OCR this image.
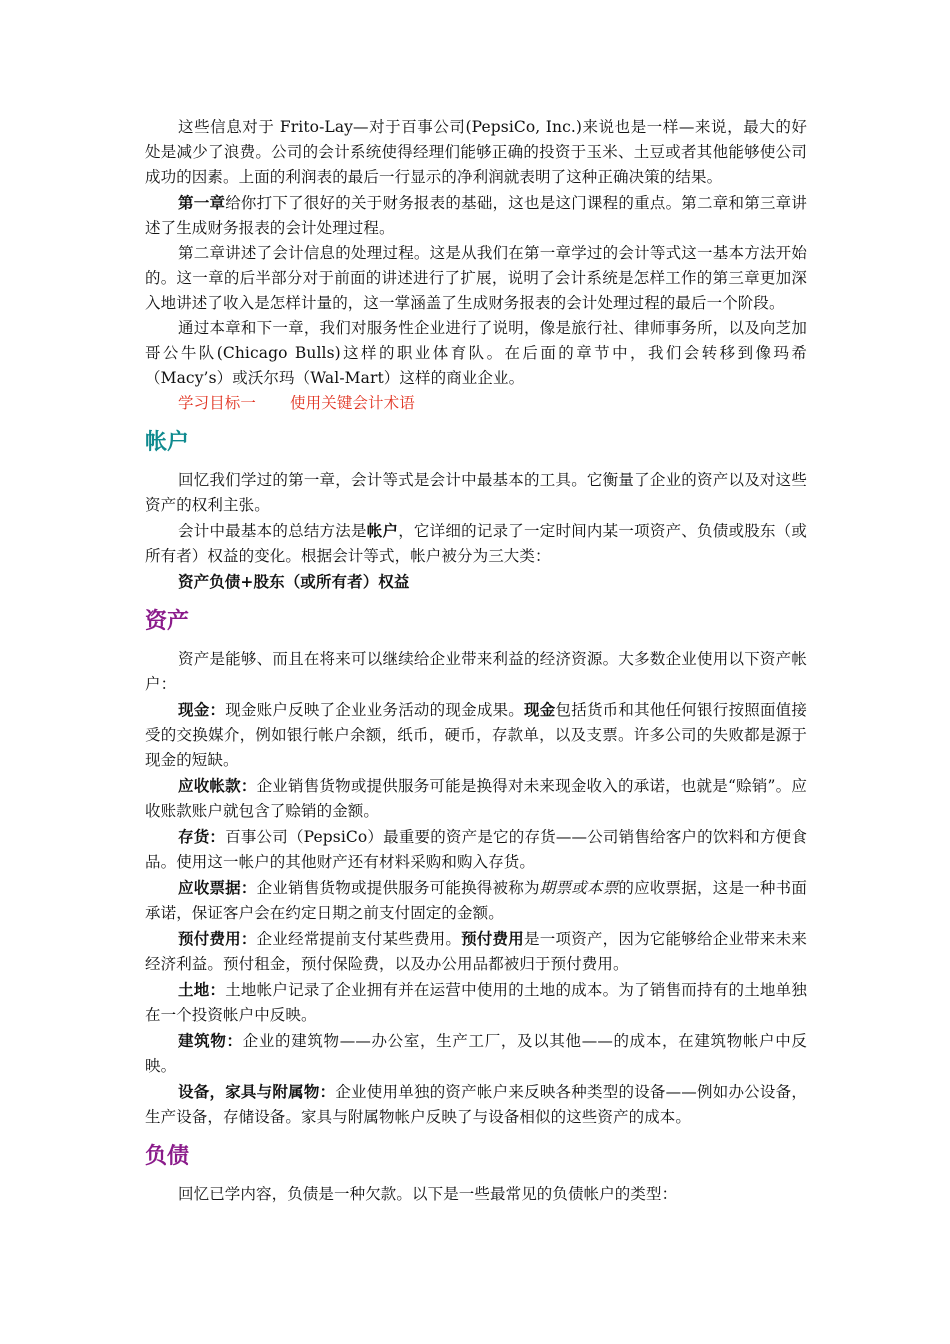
这些信息对于 Frito-Lay—对于百事公司(PepsiCo, Inc.)来说也是一样—来说，最大的好处是减少了浪费。公司的会计系统使得经理们能够正确的投资于玉米、土豆或者其他能够使公司成功的因素。上面的利润表的最后一行显示的净利润就表明了这种正确决策的结果。

第一章给你打下了很好的关于财务报表的基础，这也是这门课程的重点。第二章和第三章讲述了生成财务报表的会计处理过程。

第二章讲述了会计信息的处理过程。这是从我们在第一章学过的会计等式这一基本方法开始的。这一章的后半部分对于前面的讲述进行了扩展，说明了会计系统是怎样工作的第三章更加深入地讲述了收入是怎样计量的，这一掌涵盖了生成财务报表的会计处理过程的最后一个阶段。

通过本章和下一章，我们对服务性企业进行了说明，像是旅行社、律师事务所，以及向芝加哥公牛队(Chicago Bulls)这样的职业体育队。在后面的章节中，我们会转移到像玛希（Macy’s）或沃尔玛（Wal-Mart）这样的商业企业。

学习目标一 使用关键会计术语

帐户

回忆我们学过的第一章，会计等式是会计中最基本的工具。它衡量了企业的资产以及对这些资产的权利主张。

会计中最基本的总结方法是帐户，它详细的记录了一定时间内某一项资产、负债或股东（或所有者）权益的变化。根据会计等式，帐户被分为三大类：

资产负债+股东（或所有者）权益

资产

资产是能够、而且在将来可以继续给企业带来利益的经济资源。大多数企业使用以下资产帐户：

现金：现金账户反映了企业业务活动的现金成果。现金包括货币和其他任何银行按照面值接受的交换媒介，例如银行帐户余额，纸币，硬币，存款单，以及支票。许多公司的失败都是源于现金的短缺。

应收帐款：企业销售货物或提供服务可能是换得对未来现金收入的承诺，也就是“赊销”。应收账款账户就包含了赊销的金额。

存货：百事公司（PepsiCo）最重要的资产是它的存货——公司销售给客户的饮料和方便食品。使用这一帐户的其他财产还有材料采购和购入存货。

应收票据：企业销售货物或提供服务可能换得被称为期票或本票的应收票据，这是一种书面承诺，保证客户会在约定日期之前支付固定的金额。

预付费用：企业经常提前支付某些费用。预付费用是一项资产，因为它能够给企业带来未来经济利益。预付租金，预付保险费，以及办公用品都被归于预付费用。

土地：土地帐户记录了企业拥有并在运营中使用的土地的成本。为了销售而持有的土地单独在一个投资帐户中反映。

建筑物：企业的建筑物——办公室，生产工厂，及以其他——的成本，在建筑物帐户中反映。

设备，家具与附属物：企业使用单独的资产帐户来反映各种类型的设备——例如办公设备，生产设备，存储设备。家具与附属物帐户反映了与设备相似的这些资产的成本。

负债

回忆已学内容，负债是一种欠款。以下是一些最常见的负债帐户的类型：
